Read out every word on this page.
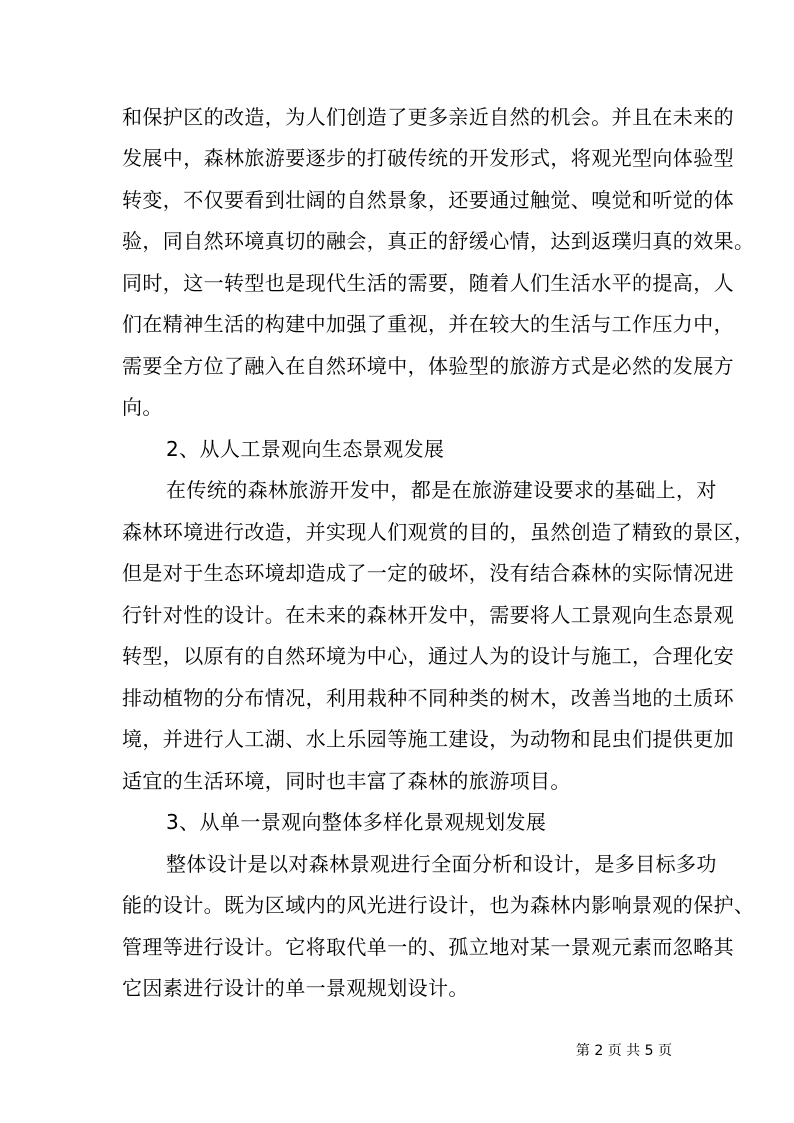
和保护区的改造，为人们创造了更多亲近自然的机会。并且在未来的
发展中，森林旅游要逐步的打破传统的开发形式，将观光型向体验型
转变，不仅要看到壮阔的自然景象，还要通过触觉、嗅觉和听觉的体
验，同自然环境真切的融会，真正的舒缓心情，达到返璞归真的效果。
同时，这一转型也是现代生活的需要，随着人们生活水平的提高，人
们在精神生活的构建中加强了重视，并在较大的生活与工作压力中，
需要全方位了融入在自然环境中，体验型的旅游方式是必然的发展方
向。
2、从人工景观向生态景观发展
在传统的森林旅游开发中，都是在旅游建设要求的基础上，对
森林环境进行改造，并实现人们观赏的目的，虽然创造了精致的景区，
但是对于生态环境却造成了一定的破坏，没有结合森林的实际情况进
行针对性的设计。在未来的森林开发中，需要将人工景观向生态景观
转型，以原有的自然环境为中心，通过人为的设计与施工，合理化安
排动植物的分布情况，利用栽种不同种类的树木，改善当地的土质环
境，并进行人工湖、水上乐园等施工建设，为动物和昆虫们提供更加
适宜的生活环境，同时也丰富了森林的旅游项目。
3、从单一景观向整体多样化景观规划发展
整体设计是以对森林景观进行全面分析和设计，是多目标多功
能的设计。既为区域内的风光进行设计，也为森林内影响景观的保护、
管理等进行设计。它将取代单一的、孤立地对某一景观元素而忽略其
它因素进行设计的单一景观规划设计。
第 2 页 共 5 页
